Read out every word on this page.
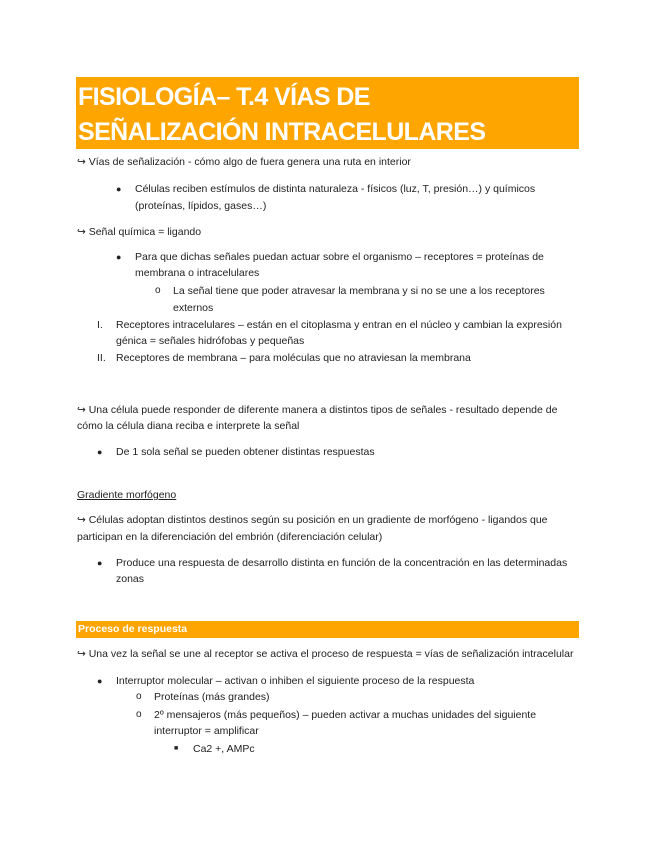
FISIOLOGÍA– T.4 VÍAS DE
SEÑALIZACIÓN INTRACELULARES
↪ Vías de señalización - cómo algo de fuera genera una ruta en interior
● Células reciben estímulos de distinta naturaleza - físicos (luz, T, presión…) y químicos
(proteínas, lípidos, gases…)
↪ Señal química = ligando
● Para que dichas señales puedan actuar sobre el organismo – receptores = proteínas de
membrana o intracelulares
o La señal tiene que poder atravesar la membrana y si no se une a los receptores
externos
I. Receptores intracelulares – están en el citoplasma y entran en el núcleo y cambian la expresión
génica = señales hidrófobas y pequeñas
II. Receptores de membrana – para moléculas que no atraviesan la membrana
↪ Una célula puede responder de diferente manera a distintos tipos de señales - resultado depende de
cómo la célula diana reciba e interprete la señal
● De 1 sola señal se pueden obtener distintas respuestas
Gradiente morfógeno
↪ Células adoptan distintos destinos según su posición en un gradiente de morfógeno - ligandos que
participan en la diferenciación del embrión (diferenciación celular)
● Produce una respuesta de desarrollo distinta en función de la concentración en las determinadas
zonas
Proceso de respuesta
↪ Una vez la señal se une al receptor se activa el proceso de respuesta = vías de señalización intracelular
● Interruptor molecular – activan o inhiben el siguiente proceso de la respuesta
o Proteínas (más grandes)
o 2º mensajeros (más pequeños) – pueden activar a muchas unidades del siguiente
interruptor = amplificar
■ Ca2 +, AMPc
